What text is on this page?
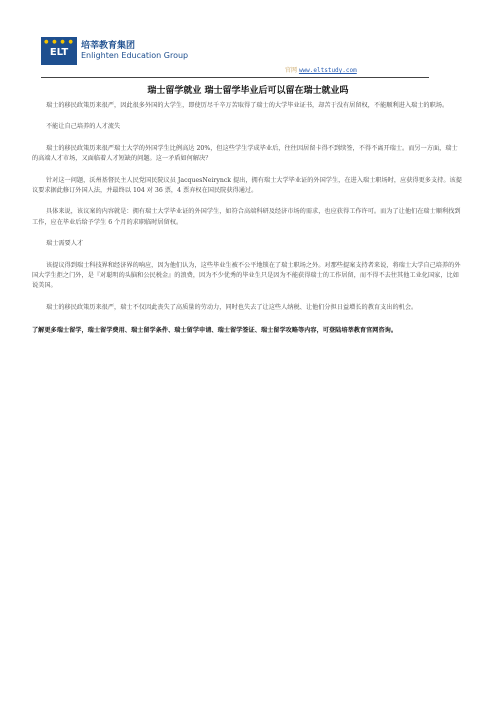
● ● ● ●
ELT
培莘教育集团
Enlighten Education Group
官网 www.eltstudy.com
瑞士留学就业 瑞士留学毕业后可以留在瑞士就业吗

瑞士的移民政策历来很严，因此很多外国的大学生，即使历尽千辛万苦取得了瑞士的大学毕业证书，却苦于没有居留权，不能顺利进入瑞士的职场。

不能让自己培养的人才流失

瑞士的移民政策历来很严瑞士大学的外国学生比例高达 20%，但这些学生学成毕业后，往往因居留卡得不到续签，不得不离开瑞士。而另一方面，瑞士的高端人才市场，又面临着人才短缺的问题。这一矛盾如何解决？

针对这一问题，沃州基督民主人民党国民院议员 JacquesNeirynck 提出，拥有瑞士大学毕业证的外国学生，在进入瑞士职场时，应获得更多支持。该提议要求据此修订外国人法，并最终以 104 对 36 票，4 票弃权在国民院获得通过。

具体来说，该议案的内容就是：拥有瑞士大学毕业证的外国学生，如符合高端科研及经济市场的需求，也应获得工作许可。而为了让他们在瑞士顺利找到工作，应在毕业后给予学生 6 个月的求职临时居留权。

瑞士需要人才

该提议得到瑞士科技界和经济界的响应，因为他们认为，这些毕业生被不公平地锁在了瑞士职场之外。对那些提案支持者来说，将瑞士大学自己培养的外国大学生拒之门外，是『对聪明的头脑和公民税金』的浪费，因为不少优秀的毕业生只是因为不能获得瑞士的工作居留，而不得不去往其他工业化国家，比如说美国。

瑞士的移民政策历来很严，瑞士不仅因此丧失了高质量的劳动力，同时也失去了让这些人纳税、让他们分担日益增长的教育支出的机会。

了解更多瑞士留学，瑞士留学费用、瑞士留学条件、瑞士留学申请、瑞士留学签证、瑞士留学攻略等内容，可登陆培莘教育官网咨询。
